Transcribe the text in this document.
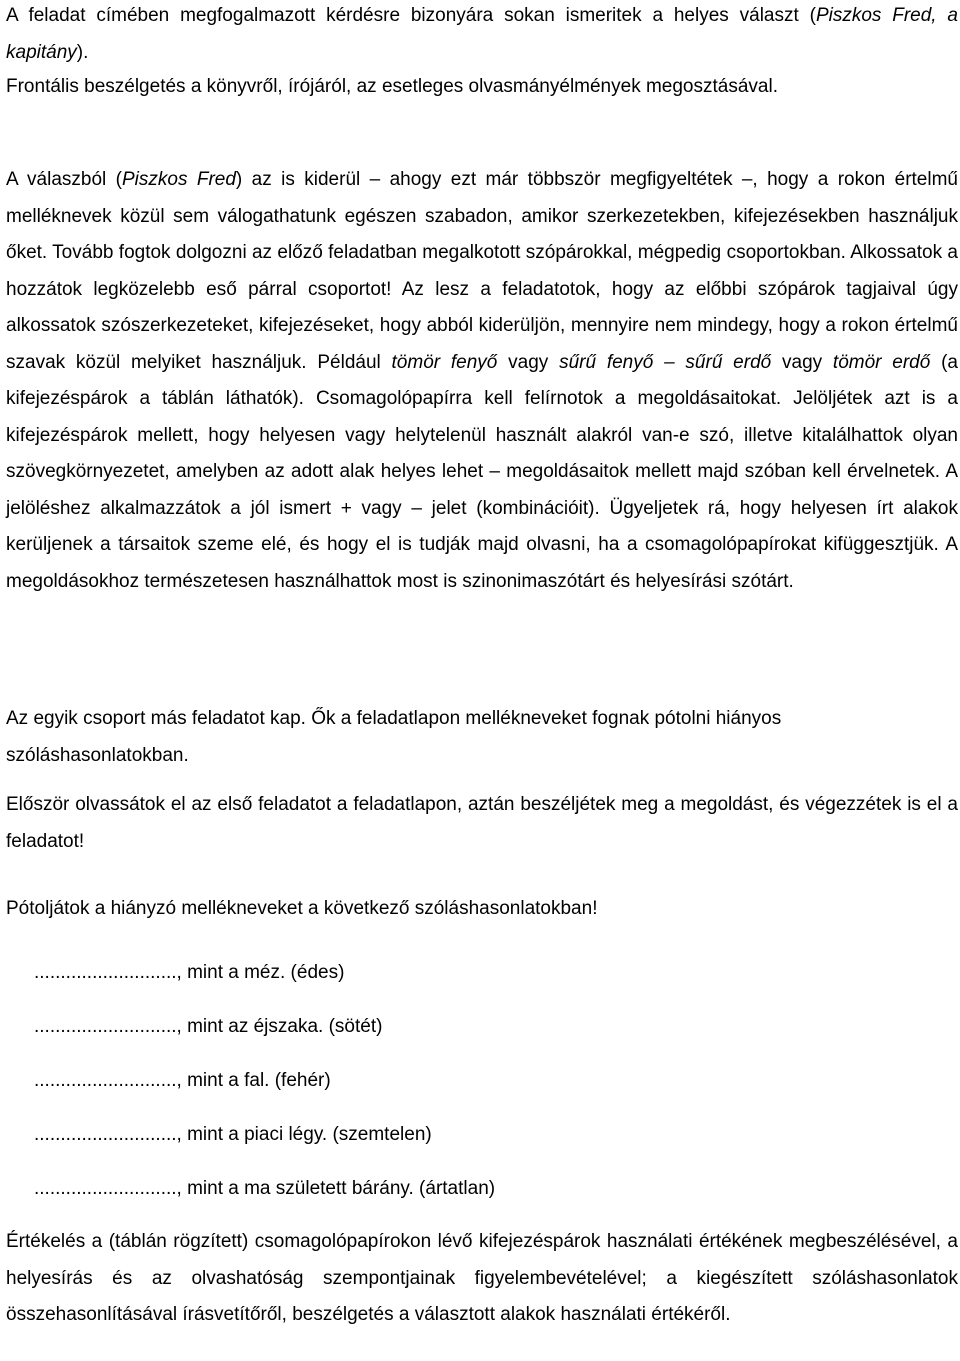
A feladat címében megfogalmazott kérdésre bizonyára sokan ismeritek a helyes választ (Piszkos Fred, a kapitány).

Frontális beszélgetés a könyvről, írójáról, az esetleges olvasmányélmények megosztásával.

A válaszból (Piszkos Fred) az is kiderül – ahogy ezt már többször megfigyeltétek –, hogy a rokon értelmű melléknevek közül sem válogathatunk egészen szabadon, amikor szerkezetekben, kifejezésekben használjuk őket. Tovább fogtok dolgozni az előző feladatban megalkotott szópárokkal, mégpedig csoportokban. Alkossatok a hozzátok legközelebb eső párral csoportot! Az lesz a feladatotok, hogy az előbbi szópárok tagjaival úgy alkossatok szószerkezeteket, kifejezéseket, hogy abból kiderüljön, mennyire nem mindegy, hogy a rokon értelmű szavak közül melyiket használjuk. Például tömör fenyő vagy sűrű fenyő – sűrű erdő vagy tömör erdő (a kifejezéspárok a táblán láthatók). Csomagolópapírra kell felírnotok a megoldásaitokat. Jelöljétek azt is a kifejezéspárok mellett, hogy helyesen vagy helytelenül használt alakról van-e szó, illetve kitalálhattok olyan szövegkörnyezetet, amelyben az adott alak helyes lehet – megoldásaitok mellett majd szóban kell érvelnetek. A jelöléshez alkalmazzátok a jól ismert + vagy – jelet (kombinációit). Ügyeljetek rá, hogy helyesen írt alakok kerüljenek a társaitok szeme elé, és hogy el is tudják majd olvasni, ha a csomagolópapírokat kifüggesztjük. A megoldásokhoz természetesen használhattok most is szinonimaszótárt és helyesírási szótárt.

Az egyik csoport más feladatot kap. Ők a feladatlapon mellékneveket fognak pótolni hiányos szóláshasonlatokban.

Először olvassátok el az első feladatot a feladatlapon, aztán beszéljétek meg a megoldást, és végezzétek is el a feladatot!

Pótoljátok a hiányzó mellékneveket a következő szóláshasonlatokban!

..........................., mint a méz. (édes)
..........................., mint az éjszaka. (sötét)
..........................., mint a fal. (fehér)
..........................., mint a piaci légy. (szemtelen)
..........................., mint a ma született bárány. (ártatlan)

Értékelés a (táblán rögzített) csomagolópapírokon lévő kifejezéspárok használati értékének megbeszélésével, a helyesírás és az olvashatóság szempontjainak figyelembevételével; a kiegészített szóláshasonlatok összehasonlításával írásvetítőről, beszélgetés a választott alakok használati értékéről.
